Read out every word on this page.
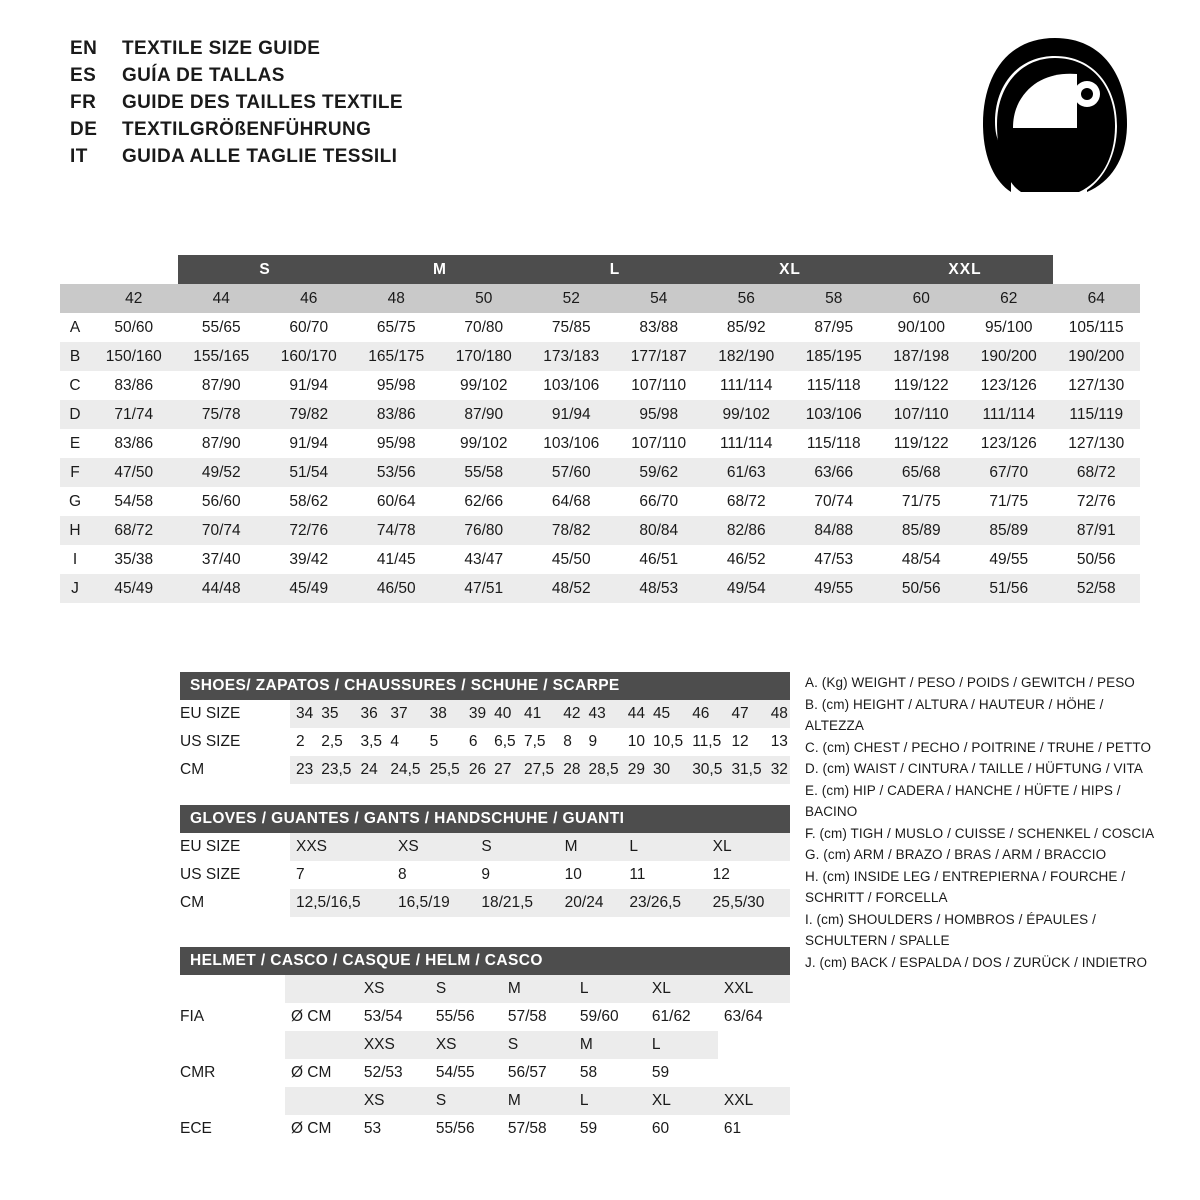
EN	TEXTILE SIZE GUIDE
ES	GUÍA DE TALLAS
FR	GUIDE DES TAILLES TEXTILE
DE	TEXTILGRÖßENFÜHRUNG
IT	GUIDA ALLE TAGLIE TESSILI
		S		M		L		XL		XXL		
	42	44	46	48	50	52	54	56	58	60	62	64
A	50/60	55/65	60/70	65/75	70/80	75/85	83/88	85/92	87/95	90/100	95/100	105/115
B	150/160	155/165	160/170	165/175	170/180	173/183	177/187	182/190	185/195	187/198	190/200	190/200
C	83/86	87/90	91/94	95/98	99/102	103/106	107/110	111/114	115/118	119/122	123/126	127/130
D	71/74	75/78	79/82	83/86	87/90	91/94	95/98	99/102	103/106	107/110	111/114	115/119
E	83/86	87/90	91/94	95/98	99/102	103/106	107/110	111/114	115/118	119/122	123/126	127/130
F	47/50	49/52	51/54	53/56	55/58	57/60	59/62	61/63	63/66	65/68	67/70	68/72
G	54/58	56/60	58/62	60/64	62/66	64/68	66/70	68/72	70/74	71/75	71/75	72/76
H	68/72	70/74	72/76	74/78	76/80	78/82	80/84	82/86	84/88	85/89	85/89	87/91
I	35/38	37/40	39/42	41/45	43/47	45/50	46/51	46/52	47/53	48/54	49/55	50/56
J	45/49	44/48	45/49	46/50	47/51	48/52	48/53	49/54	49/55	50/56	51/56	52/58
SHOES/ ZAPATOS / CHAUSSURES / SCHUHE / SCARPE
EU SIZE	34	35	36	37	38	39	40	41	42	43	44	45	46	47	48
US SIZE	2	2,5	3,5	4	5	6	6,5	7,5	8	9	10	10,5	11,5	12	13
CM	23	23,5	24	24,5	25,5	26	27	27,5	28	28,5	29	30	30,5	31,5	32
GLOVES / GUANTES / GANTS / HANDSCHUHE / GUANTI
EU SIZE	XXS	XS	S	M	L	XL
US SIZE	7	8	9	10	11	12
CM	12,5/16,5	16,5/19	18/21,5	20/24	23/26,5	25,5/30
HELMET / CASCO / CASQUE / HELM / CASCO
		XS	S	M	L	XL	XXL
FIA	Ø CM	53/54	55/56	57/58	59/60	61/62	63/64
		XXS	XS	S	M	L	
CMR	Ø CM	52/53	54/55	56/57	58	59	
		XS	S	M	L	XL	XXL
ECE	Ø CM	53	55/56	57/58	59	60	61
A. (Kg) WEIGHT / PESO / POIDS / GEWITCH / PESO
B. (cm) HEIGHT / ALTURA / HAUTEUR / HÖHE / ALTEZZA
C. (cm) CHEST / PECHO / POITRINE / TRUHE / PETTO
D. (cm) WAIST / CINTURA / TAILLE / HÜFTUNG / VITA
E. (cm) HIP / CADERA / HANCHE / HÜFTE / HIPS / BACINO
F. (cm) TIGH / MUSLO / CUISSE / SCHENKEL / COSCIA
G. (cm) ARM / BRAZO / BRAS / ARM / BRACCIO
H. (cm) INSIDE LEG / ENTREPIERNA / FOURCHE /
SCHRITT / FORCELLA
I. (cm) SHOULDERS / HOMBROS / ÉPAULES /
SCHULTERN / SPALLE
J. (cm) BACK / ESPALDA / DOS / ZURÜCK / INDIETRO
